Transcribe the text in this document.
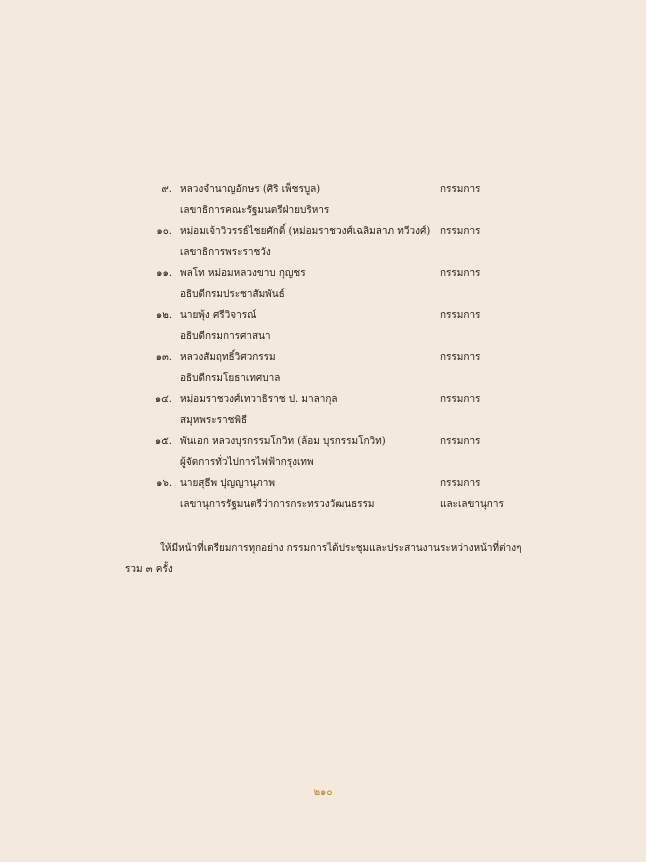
๙. หลวงจำนาญอักษร (ศิริ เพ็ชรบูล)
เลขาธิการคณะรัฐมนตรีฝ่ายบริหาร
กรรมการ
๑๐. หม่อมเจ้าวิวรรธ์ไชยศักดิ์ (หม่อมราชวงศ์เฉลิมลาภ ทวีวงศ์)
เลขาธิการพระราชวัง
กรรมการ
๑๑. พลโท หม่อมหลวงขาบ กุญชร
อธิบดีกรมประชาสัมพันธ์
กรรมการ
๑๒. นายพุ้ง ศรีวิจารณ์
อธิบดีกรมการศาสนา
กรรมการ
๑๓. หลวงสัมฤทธิ์วิศวกรรม
อธิบดีกรมโยธาเทศบาล
กรรมการ
๑๔. หม่อมราชวงศ์เทวาธิราช ป. มาลากุล
สมุหพระราชพิธี
กรรมการ
๑๕. พันเอก หลวงบุรกรรมโกวิท (ล้อม บุรกรรมโกวิท)
ผู้จัดการทั่วไปการไฟฟ้ากรุงเทพ
กรรมการ
๑๖. นายสุธีพ ปุญญานุภาพ
เลขานุการรัฐมนตรีว่าการกระทรวงวัฒนธรรม
กรรมการ
และเลขานุการ
ให้มีหน้าที่เตรียมการทุกอย่าง กรรมการได้ประชุมและประสานงานระหว่างหน้าที่ต่างๆ
รวม ๓ ครั้ง
๒๑๐
